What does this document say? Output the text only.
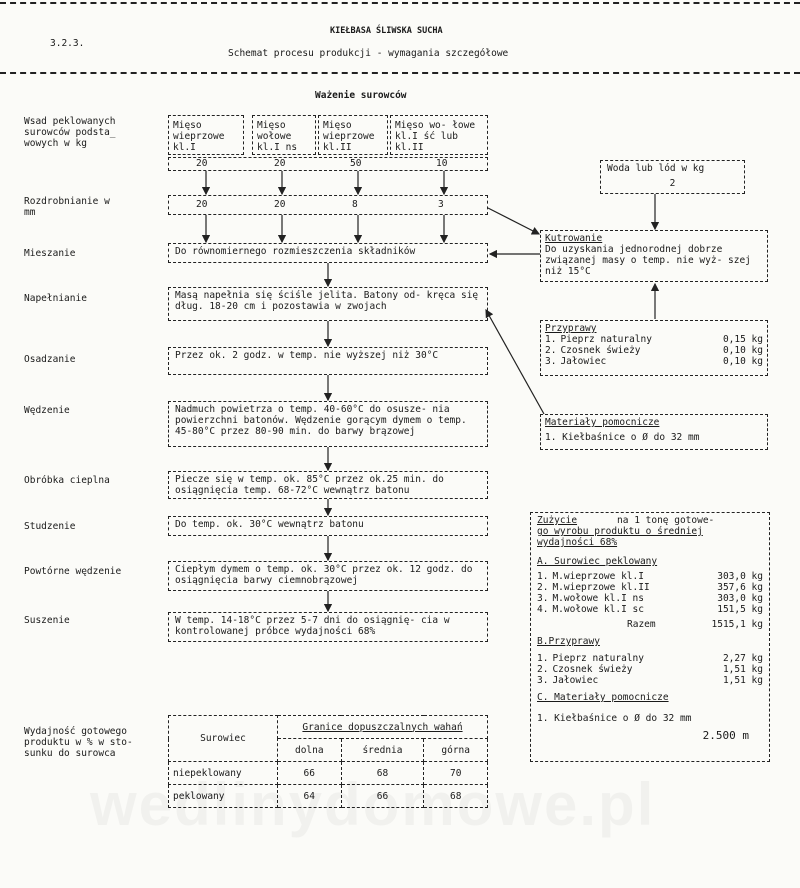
3.2.3.
KIEŁBASA ŚLIWSKA SUCHA
Schemat procesu produkcji - wymagania szczegółowe
Ważenie surowców
Wsad peklowanych surowców podsta_ wowych w kg
Rozdrobnianie w mm
Mieszanie
Napełnianie
Osadzanie
Wędzenie
Obróbka cieplna
Studzenie
Powtórne wędzenie
Suszenie
Wydajność gotowego produktu w % w sto- sunku do surowca
Mięso wieprzowe kl.I
Mięso wołowe kl.I ns
Mięso wieprzowe kl.II
Mięso wo- łowe kl.I ść lub kl.II
20	20	50	10
20	20	8	3
Do równomiernego rozmieszczenia składników
Masą napełnia się ściśle jelita. Batony od- kręca się dług. 18-20 cm i pozostawia w zwojach
Przez ok. 2 godz. w temp. nie wyższej niż 30°C
Nadmuch powietrza o temp. 40-60°C do osusze- nia powierzchni batonów. Wędzenie gorącym dymem o temp. 45-80°C przez 80-90 min. do barwy brązowej
Piecze się w temp. ok. 85°C przez ok.25 min. do osiągnięcia temp. 68-72°C wewnątrz batonu
Do temp. ok. 30°C wewnątrz batonu
Ciepłym dymem o temp. ok. 30°C przez ok. 12 godz. do osiągnięcia barwy ciemnobrązowej
W temp. 14-18°C przez 5-7 dni do osiągnię- cia w kontrolowanej próbce wydajności 68%
Woda lub lód w kg
2
Kutrowanie
Do uzyskania jednorodnej dobrze związanej masy o temp. nie wyż- szej niż 15°C
Przyprawy
1. Pieprz naturalny	0,15 kg
2. Czosnek świeży	0,10 kg
3. Jałowiec	0,10 kg
Materiały pomocnicze
1. Kiełbaśnice o Ø do 32 mm
Zużycie	na 1 tonę gotowe-
go wyrobu produktu o średniej wydajności 68%
A. Surowiec peklowany
1. M.wieprzowe kl.I	303,0 kg
2. M.wieprzowe kl.II	357,6 kg
3. M.wołowe kl.I ns	303,0 kg
4. M.wołowe kl.I sc	151,5 kg
Razem	1515,1 kg
B.Przyprawy
1. Pieprz naturalny	2,27 kg
2. Czosnek świeży	1,51 kg
3. Jałowiec	1,51 kg
C. Materiały pomocnicze
1. Kiełbaśnice o Ø do 32 mm
2.500 m
Surowiec	Granice dopuszczalnych wahań		
	dolna	średnia	górna
niepeklowany	66	68	70
peklowany	64	66	68
